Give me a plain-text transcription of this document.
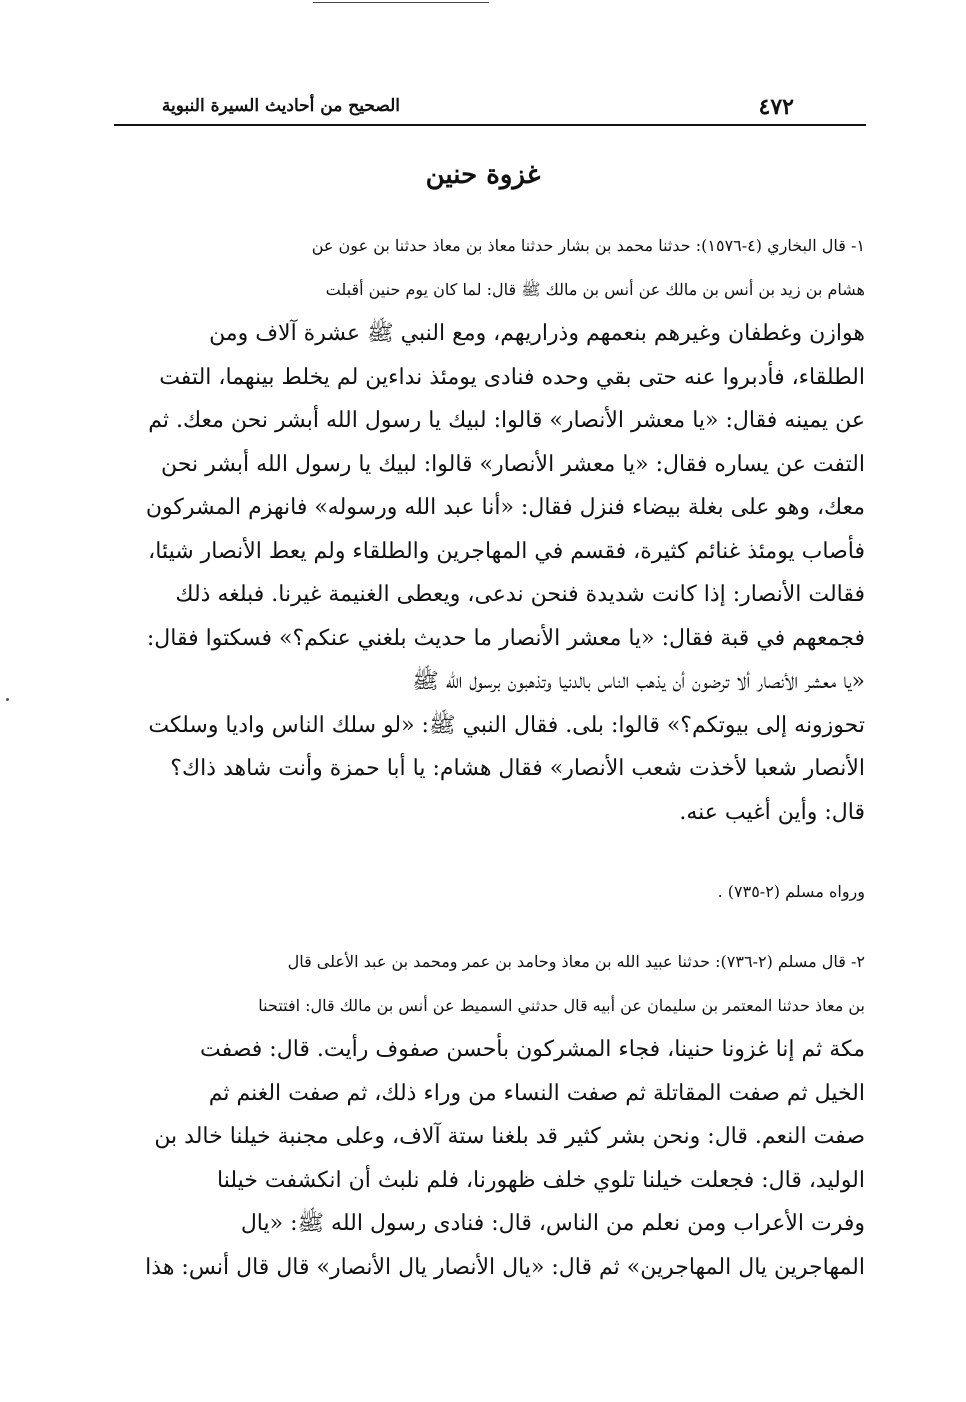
الصحيح من أحاديث السيرة النبوية	٤٧٢
غزوة حنين
١- قال البخاري (٤-١٥٧٦): حدثنا محمد بن بشار حدثنا معاذ بن معاذ حدثنا بن عون عن
هشام بن زيد بن أنس بن مالك عن أنس بن مالك ﷺ قال: لما كان يوم حنين أقبلت
هوازن وغطفان وغيرهم بنعمهم وذراريهم، ومع النبي ﷺ عشرة آلاف ومن
الطلقاء، فأدبروا عنه حتى بقي وحده فنادى يومئذ نداءين لم يخلط بينهما، التفت
عن يمينه فقال: «يا معشر الأنصار» قالوا: لبيك يا رسول الله أبشر نحن معك. ثم
التفت عن يساره فقال: «يا معشر الأنصار» قالوا: لبيك يا رسول الله أبشر نحن
معك، وهو على بغلة بيضاء فنزل فقال: «أنا عبد الله ورسوله» فانهزم المشركون
فأصاب يومئذ غنائم كثيرة، فقسم في المهاجرين والطلقاء ولم يعط الأنصار شيئا،
فقالت الأنصار: إذا كانت شديدة فنحن ندعى، ويعطى الغنيمة غيرنا. فبلغه ذلك
فجمعهم في قبة فقال: «يا معشر الأنصار ما حديث بلغني عنكم؟» فسكتوا فقال:
«يا معشر الأنصار ألا ترضون أن يذهب الناس بالدنيا وتذهبون برسول الله ﷺ
تحوزونه إلى بيوتكم؟» قالوا: بلى. فقال النبي ﷺ: «لو سلك الناس واديا وسلكت
الأنصار شعبا لأخذت شعب الأنصار» فقال هشام: يا أبا حمزة وأنت شاهد ذاك؟
قال: وأين أغيب عنه.
ورواه مسلم (٢-٧٣٥) .
٢- قال مسلم (٢-٧٣٦): حدثنا عبيد الله بن معاذ وحامد بن عمر ومحمد بن عبد الأعلى قال
بن معاذ حدثنا المعتمر بن سليمان عن أبيه قال حدثني السميط عن أنس بن مالك قال: افتتحنا
مكة ثم إنا غزونا حنينا، فجاء المشركون بأحسن صفوف رأيت. قال: فصفت
الخيل ثم صفت المقاتلة ثم صفت النساء من وراء ذلك، ثم صفت الغنم ثم
صفت النعم. قال: ونحن بشر كثير قد بلغنا ستة آلاف، وعلى مجنبة خيلنا خالد بن
الوليد، قال: فجعلت خيلنا تلوي خلف ظهورنا، فلم نلبث أن انكشفت خيلنا
وفرت الأعراب ومن نعلم من الناس، قال: فنادى رسول الله ﷺ: «يال
المهاجرين يال المهاجرين» ثم قال: «يال الأنصار يال الأنصار» قال قال أنس: هذا
